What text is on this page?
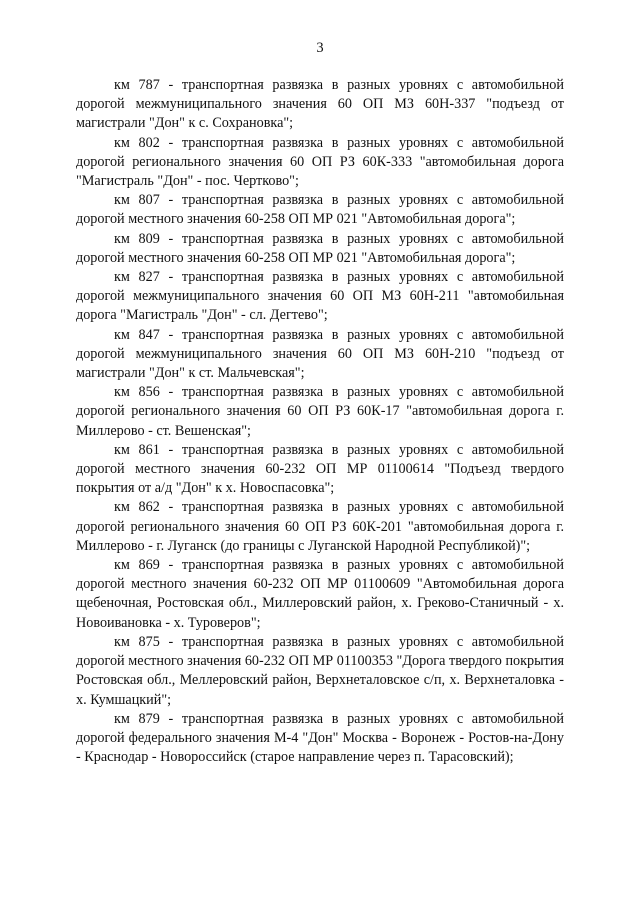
3

км 787 - транспортная развязка в разных уровнях с автомобильной дорогой межмуниципального значения 60 ОП МЗ 60Н-337 "подъезд от магистрали "Дон" к с. Сохрановка";

км 802 - транспортная развязка в разных уровнях с автомобильной дорогой регионального значения 60 ОП РЗ 60К-333 "автомобильная дорога "Магистраль "Дон" - пос. Чертково";

км 807 - транспортная развязка в разных уровнях с автомобильной дорогой местного значения 60-258 ОП МР 021 "Автомобильная дорога";

км 809 - транспортная развязка в разных уровнях с автомобильной дорогой местного значения 60-258 ОП МР 021 "Автомобильная дорога";

км 827 - транспортная развязка в разных уровнях с автомобильной дорогой межмуниципального значения 60 ОП МЗ 60Н-211 "автомобильная дорога "Магистраль "Дон" - сл. Дегтево";

км 847 - транспортная развязка в разных уровнях с автомобильной дорогой межмуниципального значения 60 ОП МЗ 60Н-210 "подъезд от магистрали "Дон" к ст. Мальчевская";

км 856 - транспортная развязка в разных уровнях с автомобильной дорогой регионального значения 60 ОП РЗ 60К-17 "автомобильная дорога г. Миллерово - ст. Вешенская";

км 861 - транспортная развязка в разных уровнях с автомобильной дорогой местного значения 60-232 ОП МР 01100614 "Подъезд твердого покрытия от а/д "Дон" к х. Новоспасовка";

км 862 - транспортная развязка в разных уровнях с автомобильной дорогой регионального значения 60 ОП РЗ 60К-201 "автомобильная дорога г. Миллерово - г. Луганск (до границы с Луганской Народной Республикой)";

км 869 - транспортная развязка в разных уровнях с автомобильной дорогой местного значения 60-232 ОП МР 01100609 "Автомобильная дорога щебеночная, Ростовская обл., Миллеровский район, х. Греково-Станичный - х. Новоивановка - х. Туроверов";

км 875 - транспортная развязка в разных уровнях с автомобильной дорогой местного значения 60-232 ОП МР 01100353 "Дорога твердого покрытия Ростовская обл., Меллеровский район, Верхнеталовское с/п, х. Верхнеталовка - х. Кумшацкий";

км 879 - транспортная развязка в разных уровнях с автомобильной дорогой федерального значения М-4 "Дон" Москва - Воронеж - Ростов-на-Дону - Краснодар - Новороссийск (старое направление через п. Тарасовский);
